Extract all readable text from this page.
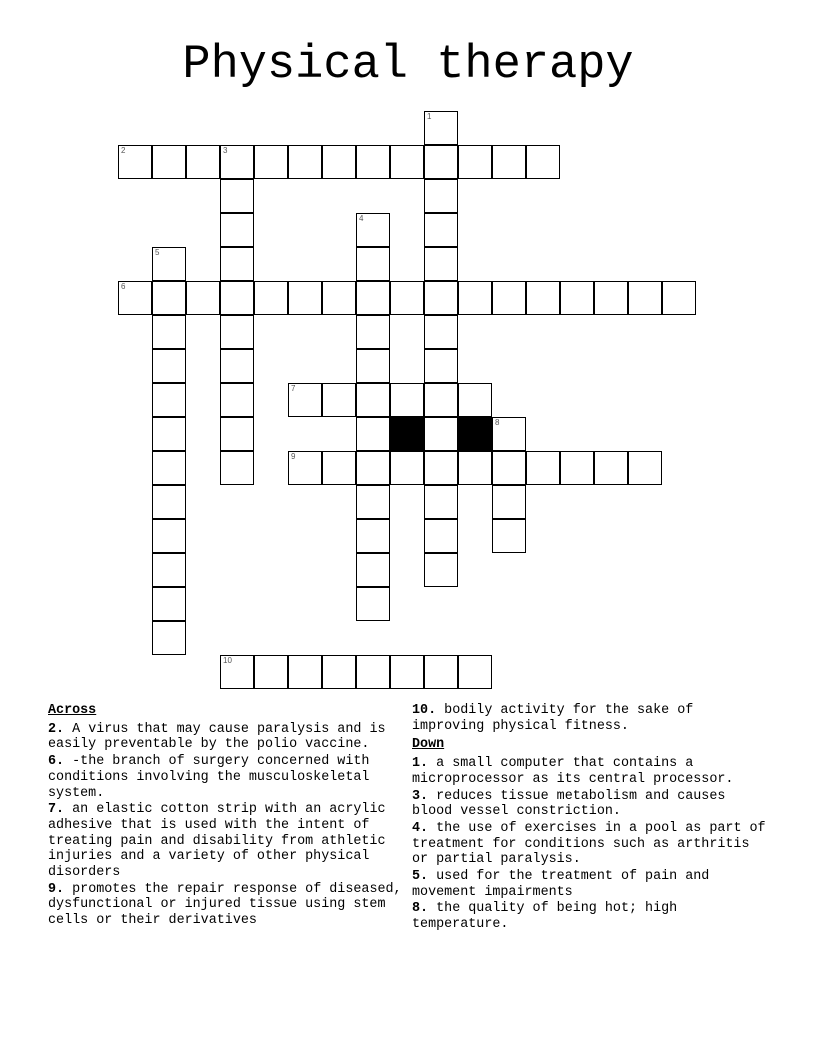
Physical therapy
1
2	3
4
5
6
7
8
9
10
Across
2. A virus that may cause paralysis and is easily preventable by the polio vaccine.
6. -the branch of surgery concerned with conditions involving the musculoskeletal system.
7. an elastic cotton strip with an acrylic adhesive that is used with the intent of treating pain and disability from athletic injuries and a variety of other physical disorders
9. promotes the repair response of diseased, dysfunctional or injured tissue using stem cells or their derivatives
10. bodily activity for the sake of improving physical fitness.
Down
1. a small computer that contains a microprocessor as its central processor.
3. reduces tissue metabolism and causes blood vessel constriction.
4. the use of exercises in a pool as part of treatment for conditions such as arthritis or partial paralysis.
5. used for the treatment of pain and movement impairments
8. the quality of being hot; high temperature.
